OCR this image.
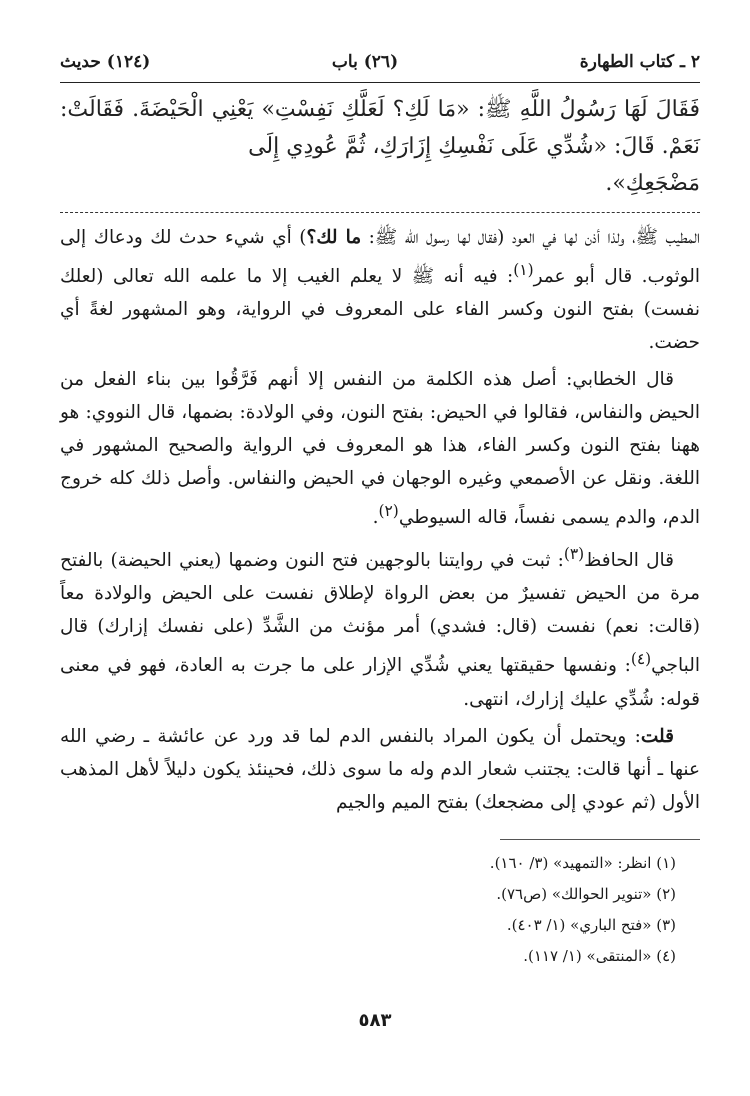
٢ ـ كتاب الطهارة
(٢٦) باب
(١٢٤) حديث
فَقَالَ لَهَا رَسُولُ اللَّهِ ﷺ: «مَا لَكِ؟ لَعَلَّكِ نَفِسْتِ» يَعْنِي الْحَيْضَةَ. فَقَالَتْ: نَعَمْ. قَالَ: «شُدِّي عَلَى نَفْسِكِ إِزَارَكِ، ثُمَّ عُودِي إِلَى
مَضْجَعِكِ».

المطيب ﷺ، ولذا أذن لها في العود (فقال لها رسول الله ﷺ: ما لك؟) أي شيء حدث لك ودعاك إلى الوثوب. قال أبو عمر$^{(١)}$: فيه أنه ﷺ لا يعلم الغيب إلا ما علمه الله تعالى (لعلك نفست) بفتح النون وكسر الفاء على المعروف في الرواية، وهو المشهور لغةً أي حضت.

قال الخطابي: أصل هذه الكلمة من النفس إلا أنهم فَرَّقُوا بين بناء الفعل من الحيض والنفاس، فقالوا في الحيض: بفتح النون، وفي الولادة: بضمها، قال النووي: هو ههنا بفتح النون وكسر الفاء، هذا هو المعروف في الرواية والصحيح المشهور في اللغة. ونقل عن الأصمعي وغيره الوجهان في الحيض والنفاس. وأصل ذلك كله خروج الدم، والدم يسمى نفساً، قاله السيوطي$^{(٢)}$.

قال الحافظ$^{(٣)}$: ثبت في روايتنا بالوجهين فتح النون وضمها (يعني الحيضة) بالفتح مرة من الحيض تفسيرٌ من بعض الرواة لإطلاق نفست على الحيض والولادة معاً (قالت: نعم) نفست (قال: فشدي) أمر مؤنث من الشَّدِّ (على نفسك إزارك) قال الباجي$^{(٤)}$: ونفسها حقيقتها يعني شُدِّي الإزار على ما جرت به العادة، فهو في معنى قوله: شُدِّي عليك إزارك، انتهى.

قلت: ويحتمل أن يكون المراد بالنفس الدم لما قد ورد عن عائشة ـ رضي الله عنها ـ أنها قالت: يجتنب شعار الدم وله ما سوى ذلك، فحينئذ يكون دليلاً لأهل المذهب الأول (ثم عودي إلى مضجعك) بفتح الميم والجيم

(١) انظر: «التمهيد» (٣/ ١٦٠).
(٢) «تنوير الحوالك» (ص٧٦).
(٣) «فتح الباري» (١/ ٤٠٣).
(٤) «المنتقى» (١/ ١١٧).
٥٨٣
